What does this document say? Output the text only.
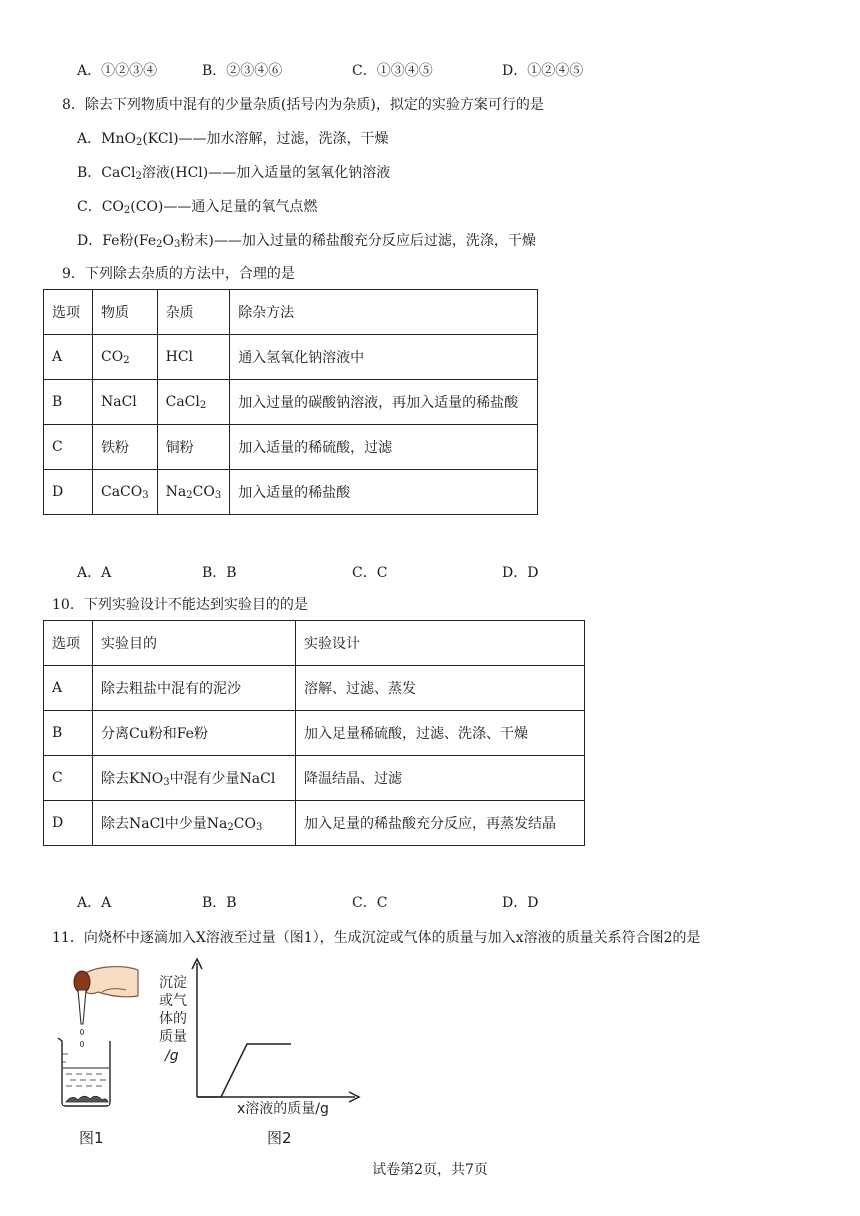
A．①②③④	B．②③④⑥	C．①③④⑤	D．①②④⑤
8．除去下列物质中混有的少量杂质(括号内为杂质)，拟定的实验方案可行的是
A．MnO$_2$(KCl)——加水溶解，过滤，洗涤，干燥
B．CaCl$_2$溶液(HCl)——加入适量的氢氧化钠溶液
C．$CO_2(CO)——$通入足量的氧气点燃
D．Fe粉($Fe_2O_3$粉末)——加入过量的稀盐酸充分反应后过滤，洗涤，干燥
9．下列除去杂质的方法中，合理的是
选项	物质	杂质	除杂方法
A	$CO_2$	HCl	通入氢氧化钠溶液中
B	NaCl	CaCl$_2$	加入过量的碳酸钠溶液，再加入适量的稀盐酸
C	铁粉	铜粉	加入适量的稀硫酸，过滤
D	CaCO$_3$	$Na_2CO_3$	加入适量的稀盐酸
A．A	B．B	C．C	D．D
10．下列实验设计不能达到实验目的的是
选项	实验目的	实验设计
A	除去粗盐中混有的泥沙	溶解、过滤、蒸发
B	分离Cu粉和Fe粉	加入足量稀硫酸，过滤、洗涤、干燥
C	除去$KNO_3$中混有少量NaCl	降温结晶、过滤
D	除去NaCl中少量$Na_2CO_3$	加入足量的稀盐酸充分反应，再蒸发结晶
A．A	B．B	C．C	D．D
11．向烧杯中逐滴加入X溶液至过量（图1），生成沉淀或气体的质量与加入x溶液的质量关系符合图2的是
图1
沉淀
或气
体的
质量
/g
x溶液的质量/g
图2
试卷第2页，共7页
